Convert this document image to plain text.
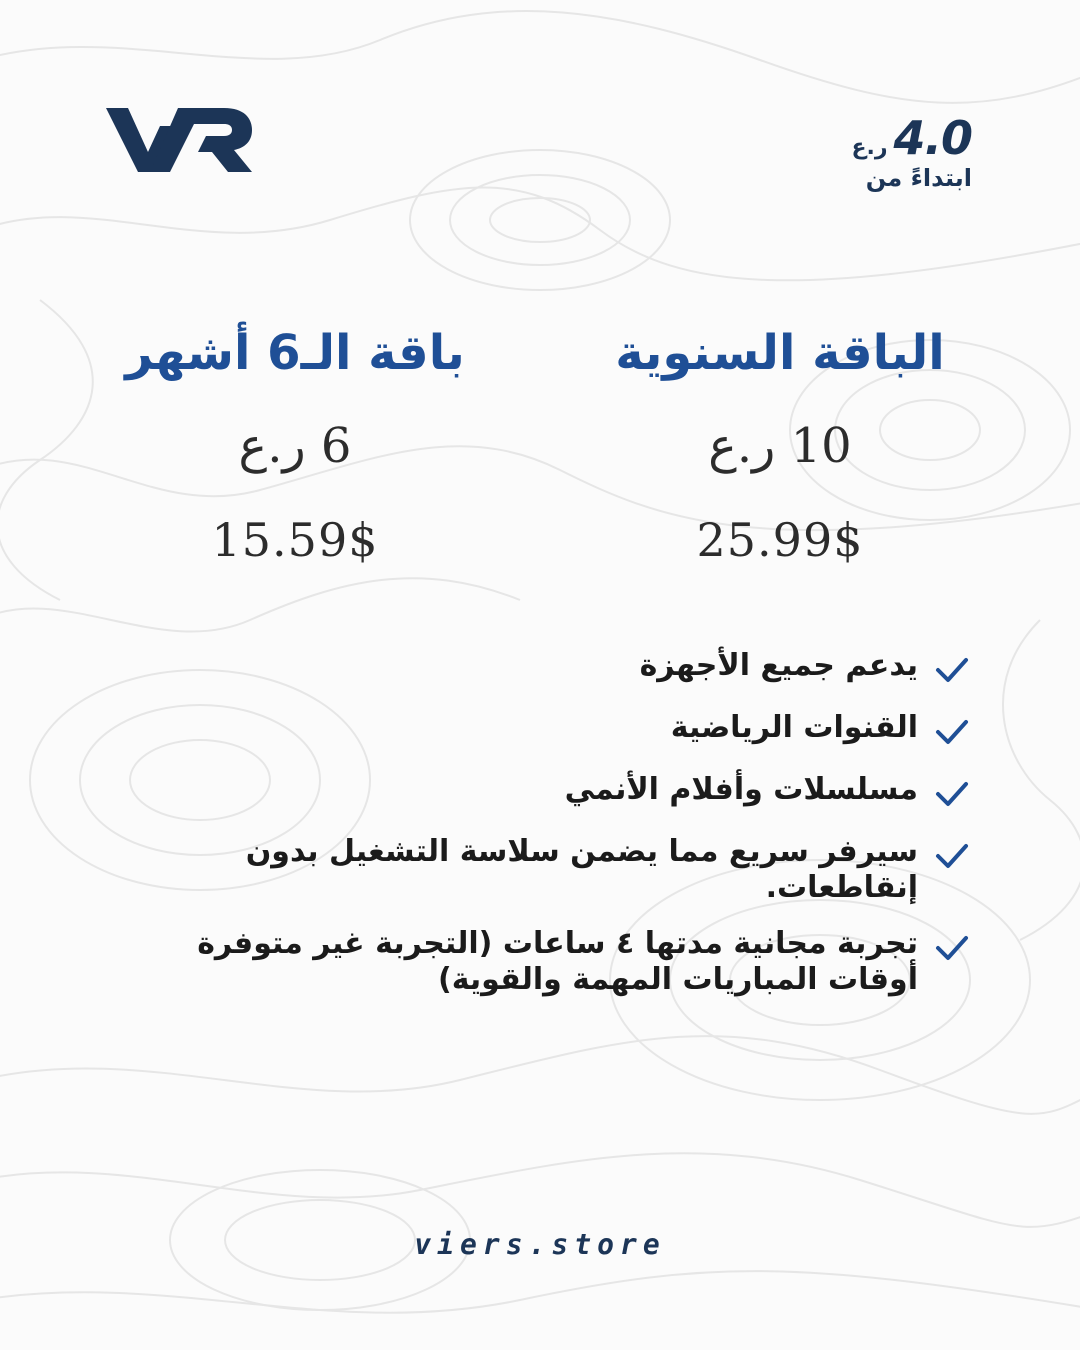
ر.ع 4.0
ابتداءً من
الباقة السنوية
10 ر.ع
25.99$
باقة الـ6 أشهر
6 ر.ع
15.59$
يدعم جميع الأجهزة
القنوات الرياضية
مسلسلات وأفلام الأنمي
سيرفر سريع مما يضمن سلاسة التشغيل بدون إنقاطعات.
تجربة مجانية مدتها ٤ ساعات (التجربة غير متوفرة أوقات المباريات المهمة والقوية)
viers.store
